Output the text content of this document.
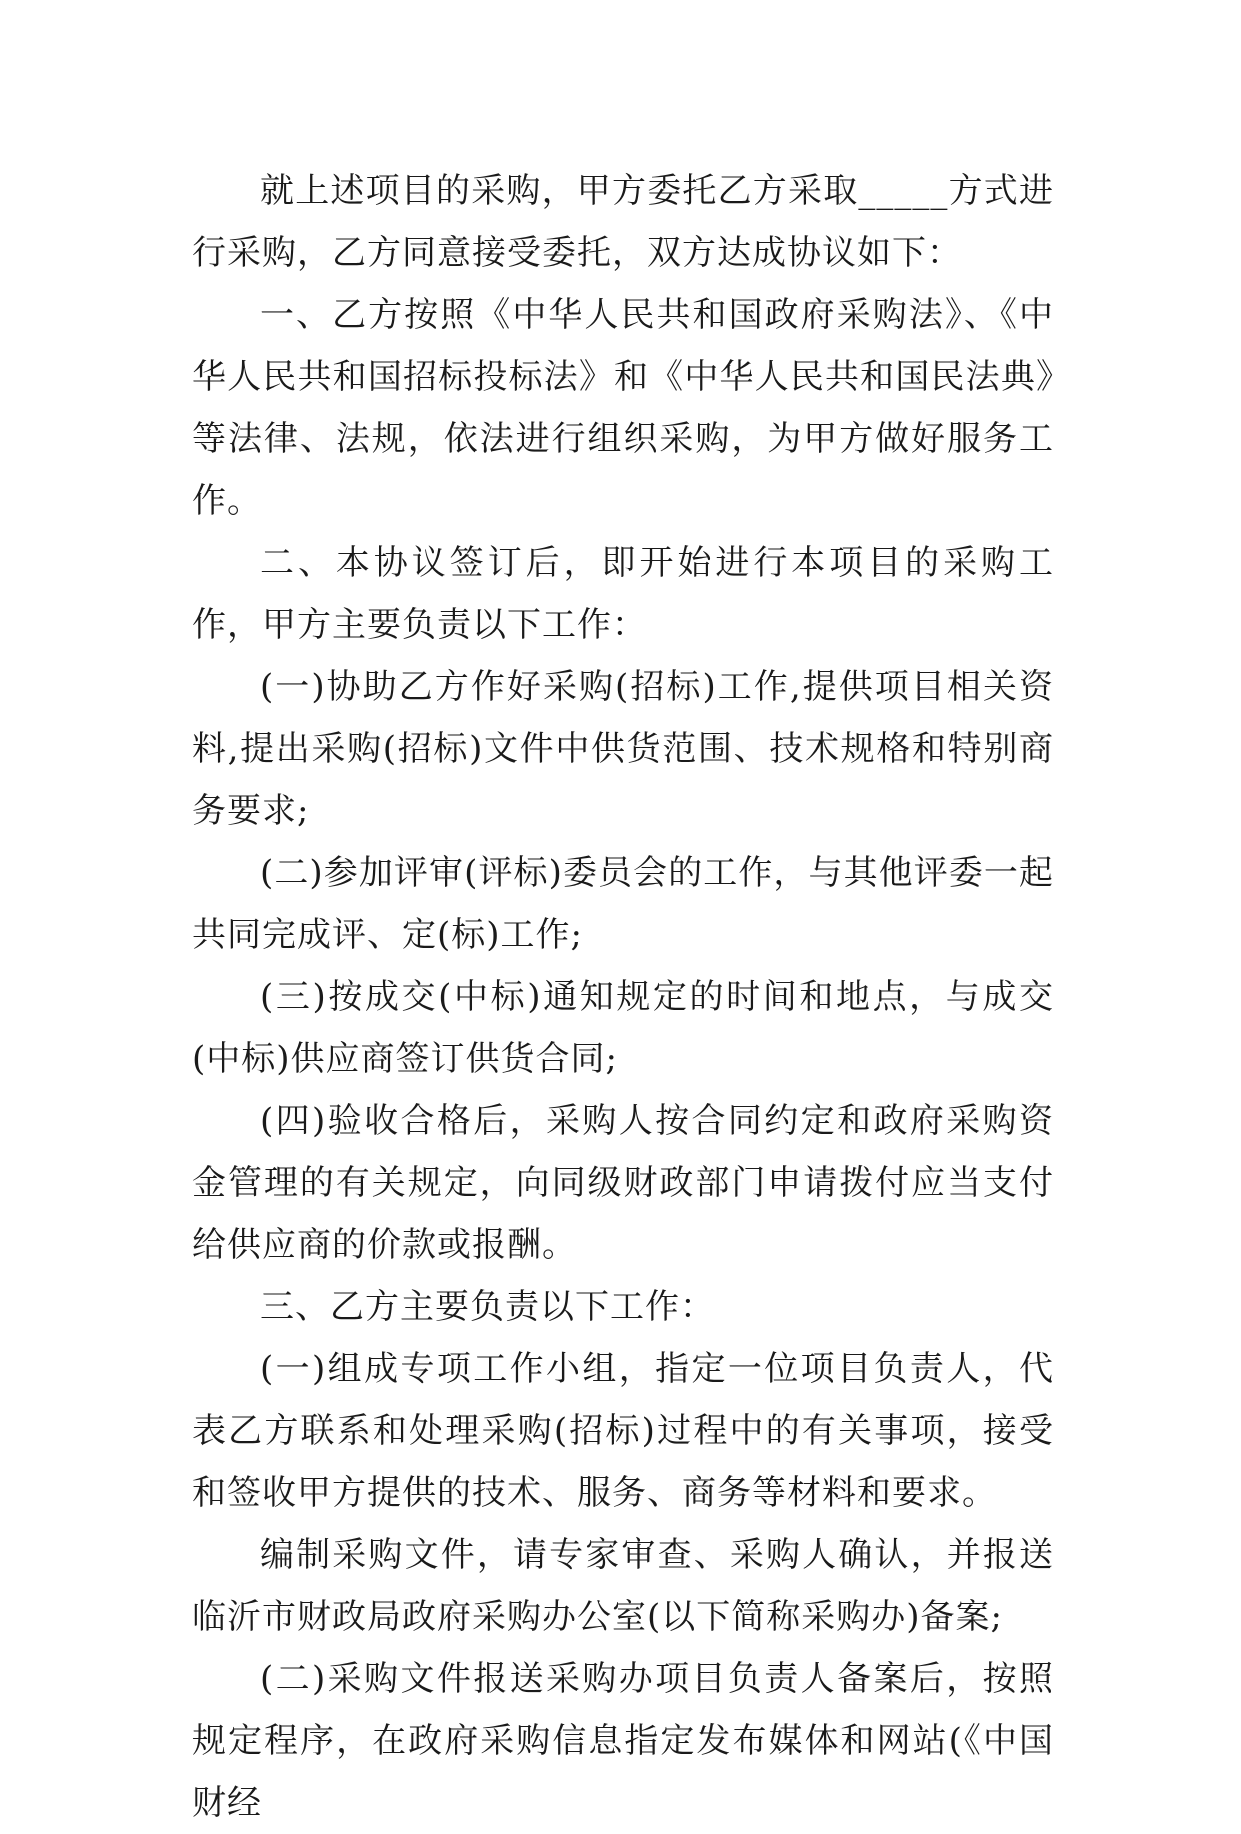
就上述项目的采购，甲方委托乙方采取_____方式进行采购，乙方同意接受委托，双方达成协议如下：

一、乙方按照《中华人民共和国政府采购法》、《中华人民共和国招标投标法》和《中华人民共和国民法典》等法律、法规，依法进行组织采购，为甲方做好服务工作。

二、本协议签订后，即开始进行本项目的采购工作，甲方主要负责以下工作：

(一)协助乙方作好采购(招标)工作,提供项目相关资料,提出采购(招标)文件中供货范围、技术规格和特别商务要求;

(二)参加评审(评标)委员会的工作，与其他评委一起共同完成评、定(标)工作;

(三)按成交(中标)通知规定的时间和地点，与成交(中标)供应商签订供货合同;

(四)验收合格后，采购人按合同约定和政府采购资金管理的有关规定，向同级财政部门申请拨付应当支付给供应商的价款或报酬。

三、乙方主要负责以下工作：

(一)组成专项工作小组，指定一位项目负责人，代表乙方联系和处理采购(招标)过程中的有关事项，接受和签收甲方提供的技术、服务、商务等材料和要求。

编制采购文件，请专家审查、采购人确认，并报送临沂市财政局政府采购办公室(以下简称采购办)备案;

(二)采购文件报送采购办项目负责人备案后，按照规定程序，在政府采购信息指定发布媒体和网站(《中国财经
